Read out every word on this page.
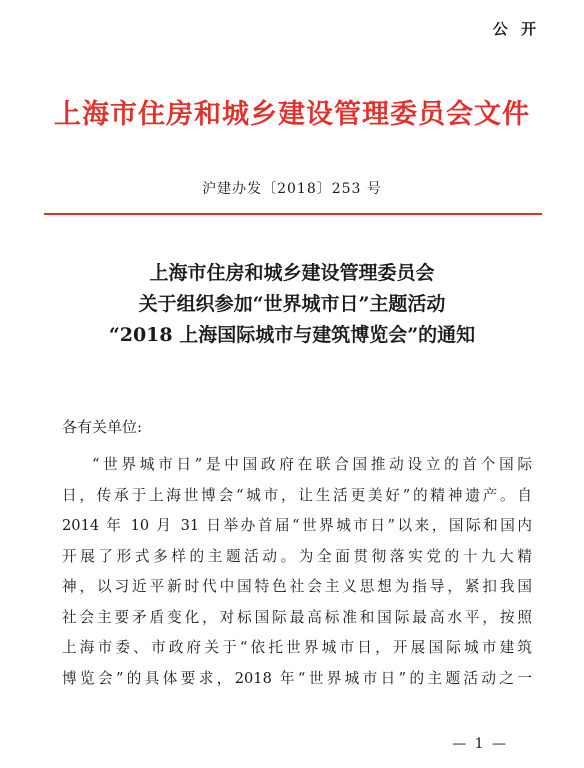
公 开
上海市住房和城乡建设管理委员会文件
沪建办发〔2018〕253 号
上海市住房和城乡建设管理委员会
关于组织参加“世界城市日”主题活动
“2018 上海国际城市与建筑博览会”的通知
各有关单位:
“世界城市日”是中国政府在联合国推动设立的首个国际
日，传承于上海世博会“城市，让生活更美好”的精神遗产。自
2014 年 10 月 31 日举办首届“世界城市日”以来，国际和国内
开展了形式多样的主题活动。为全面贯彻落实党的十九大精
神，以习近平新时代中国特色社会主义思想为指导，紧扣我国
社会主要矛盾变化，对标国际最高标准和国际最高水平，按照
上海市委、市政府关于“依托世界城市日，开展国际城市建筑
博览会”的具体要求，2018 年“世界城市日”的主题活动之一
— 1 —
